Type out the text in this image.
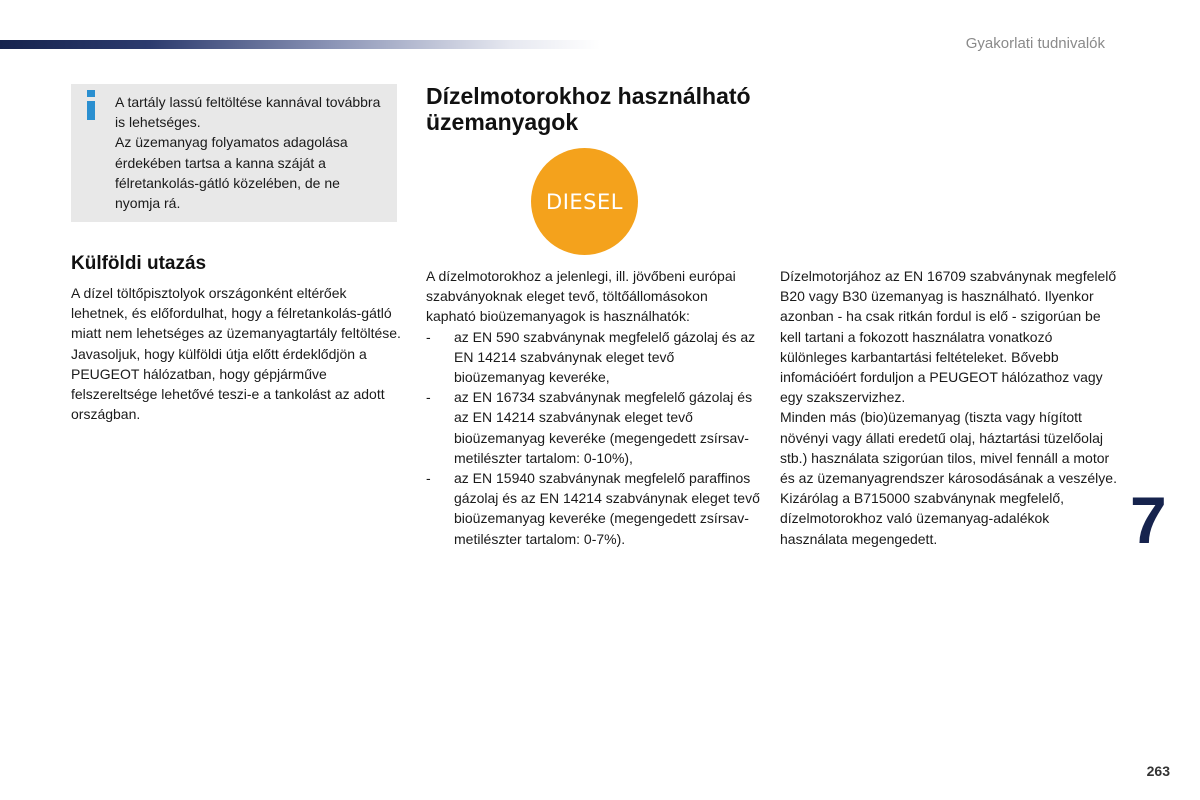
Gyakorlati tudnivalók

A tartály lassú feltöltése kannával továbbra is lehetséges.

Az üzemanyag folyamatos adagolása érdekében tartsa a kanna száját a félretankolás-gátló közelében, de ne nyomja rá.

Külföldi utazás

A dízel töltőpisztolyok országonként eltérőek lehetnek, és előfordulhat, hogy a félretankolás-gátló miatt nem lehetséges az üzemanyagtartály feltöltése.

Javasoljuk, hogy külföldi útja előtt érdeklődjön a PEUGEOT hálózatban, hogy gépjárműve felszereltsége lehetővé teszi-e a tankolást az adott országban.

Dízelmotorokhoz használható üzemanyagok
DIESEL

A dízelmotorokhoz a jelenlegi, ill. jövőbeni európai szabványoknak eleget tevő, töltőállomásokon kapható bioüzemanyagok is használhatók:

- az EN 590 szabványnak megfelelő gázolaj és az EN 14214 szabványnak eleget tevő bioüzemanyag keveréke,
- az EN 16734 szabványnak megfelelő gázolaj és az EN 14214 szabványnak eleget tevő bioüzemanyag keveréke (megengedett zsírsav-metilészter tartalom: 0-10%),
- az EN 15940 szabványnak megfelelő paraffinos gázolaj és az EN 14214 szabványnak eleget tevő bioüzemanyag keveréke (megengedett zsírsav-metilészter tartalom: 0-7%).

Dízelmotorjához az EN 16709 szabványnak megfelelő B20 vagy B30 üzemanyag is használható. Ilyenkor azonban - ha csak ritkán fordul is elő - szigorúan be kell tartani a fokozott használatra vonatkozó különleges karbantartási feltételeket. Bővebb infomációért forduljon a PEUGEOT hálózathoz vagy egy szakszervizhez.

Minden más (bio)üzemanyag (tiszta vagy hígított növényi vagy állati eredetű olaj, háztartási tüzelőolaj stb.) használata szigorúan tilos, mivel fennáll a motor és az üzemanyagrendszer károsodásának a veszélye.

Kizárólag a B715000 szabványnak megfelelő, dízelmotorokhoz való üzemanyag-adalékok használata megengedett.	7
263
